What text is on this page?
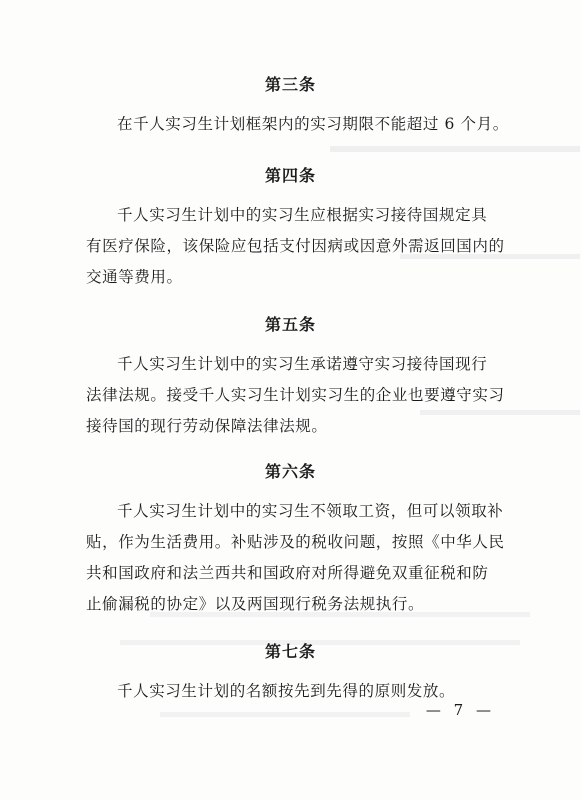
第三条

在千人实习生计划框架内的实习期限不能超过 6 个月。

第四条

千人实习生计划中的实习生应根据实习接待国规定具

有医疗保险，该保险应包括支付因病或因意外需返回国内的

交通等费用。

第五条

千人实习生计划中的实习生承诺遵守实习接待国现行

法律法规。接受千人实习生计划实习生的企业也要遵守实习

接待国的现行劳动保障法律法规。

第六条

千人实习生计划中的实习生不领取工资，但可以领取补

贴，作为生活费用。补贴涉及的税收问题，按照《中华人民

共和国政府和法兰西共和国政府对所得避免双重征税和防

止偷漏税的协定》以及两国现行税务法规执行。

第七条

千人实习生计划的名额按先到先得的原则发放。

— 7 —
